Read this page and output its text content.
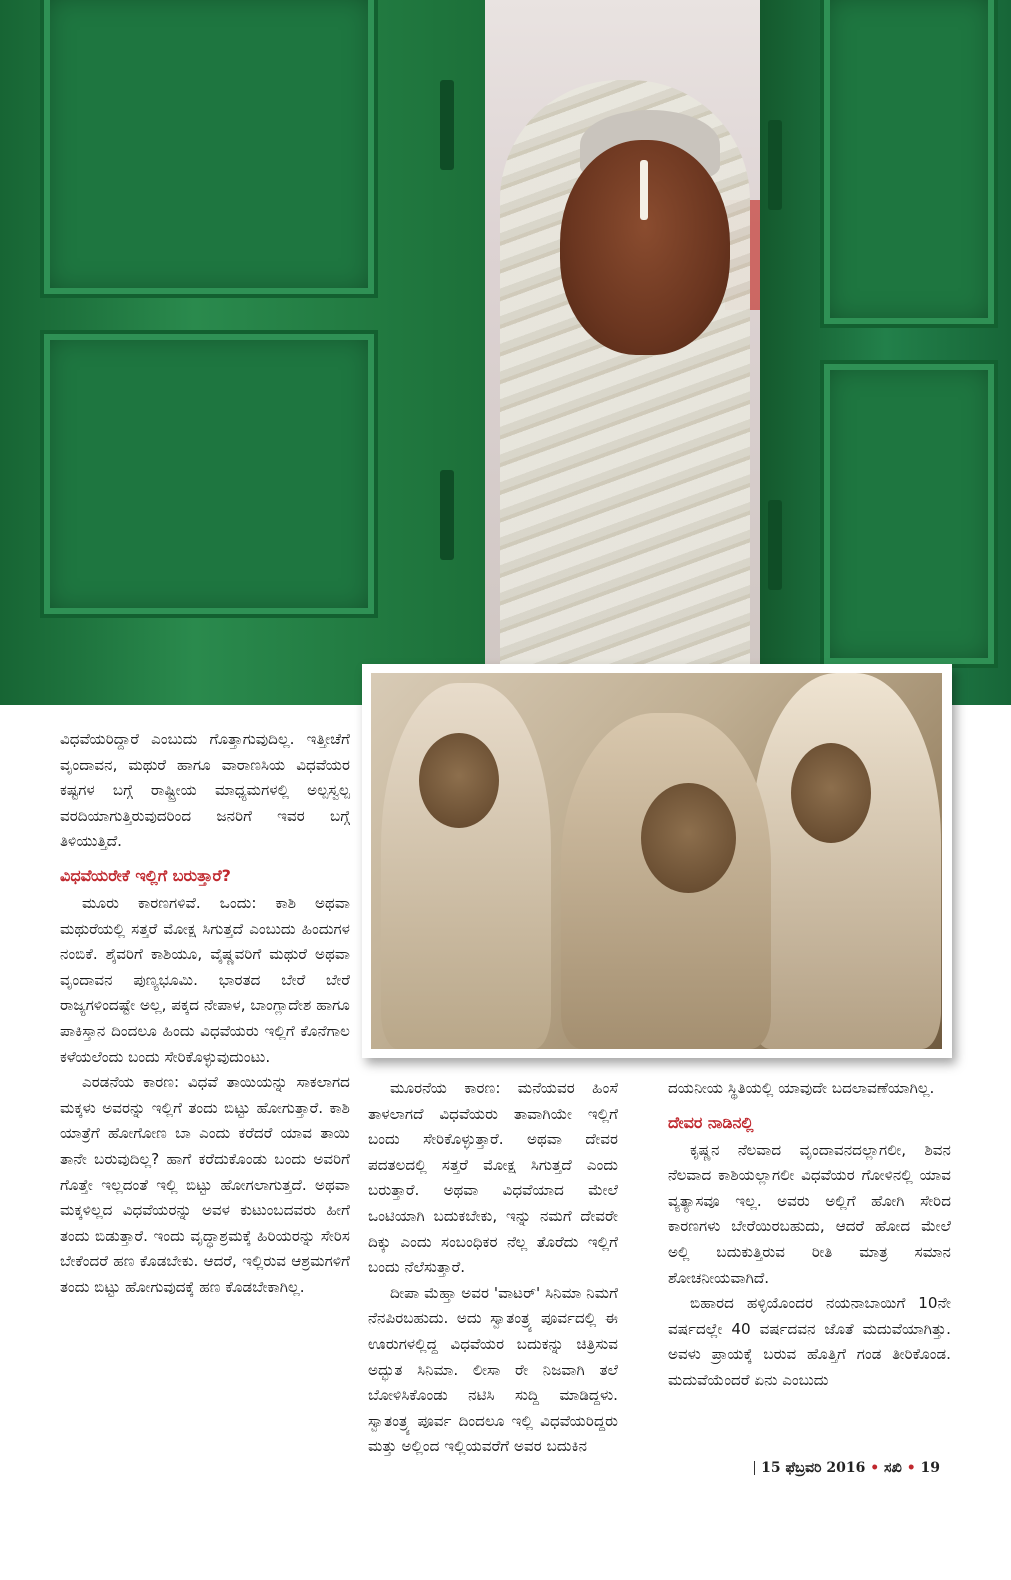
ವಿಧವೆಯರಿದ್ದಾರೆ ಎಂಬುದು ಗೊತ್ತಾಗುವುದಿಲ್ಲ. ಇತ್ತೀಚೆಗೆ ವೃಂದಾವನ, ಮಥುರೆ ಹಾಗೂ ವಾರಾಣಸಿಯ ವಿಧವೆಯರ ಕಷ್ಟಗಳ ಬಗ್ಗೆ ರಾಷ್ಟ್ರೀಯ ಮಾಧ್ಯಮಗಳಲ್ಲಿ ಅಲ್ಪಸ್ವಲ್ಪ ವರದಿಯಾಗುತ್ತಿರುವುದರಿಂದ ಜನರಿಗೆ ಇವರ ಬಗ್ಗೆ ತಿಳಿಯುತ್ತಿದೆ.

ವಿಧವೆಯರೇಕೆ ಇಲ್ಲಿಗೆ ಬರುತ್ತಾರೆ?

ಮೂರು ಕಾರಣಗಳಿವೆ. ಒಂದು: ಕಾಶಿ ಅಥವಾ ಮಥುರೆಯಲ್ಲಿ ಸತ್ತರೆ ಮೋಕ್ಷ ಸಿಗುತ್ತದೆ ಎಂಬುದು ಹಿಂದುಗಳ ನಂಬಿಕೆ. ಶೈವರಿಗೆ ಕಾಶಿಯೂ, ವೈಷ್ಣವರಿಗೆ ಮಥುರೆ ಅಥವಾ ವೃಂದಾವನ ಪುಣ್ಯಭೂಮಿ. ಭಾರತದ ಬೇರೆ ಬೇರೆ ರಾಜ್ಯಗಳಿಂದಷ್ಟೇ ಅಲ್ಲ, ಪಕ್ಕದ ನೇಪಾಳ, ಬಾಂಗ್ಲಾದೇಶ ಹಾಗೂ ಪಾಕಿಸ್ತಾನ ದಿಂದಲೂ ಹಿಂದು ವಿಧವೆಯರು ಇಲ್ಲಿಗೆ ಕೊನೆಗಾಲ ಕಳೆಯಲೆಂದು ಬಂದು ಸೇರಿಕೊಳ್ಳುವುದುಂಟು.

ಎರಡನೆಯ ಕಾರಣ: ವಿಧವೆ ತಾಯಿಯನ್ನು ಸಾಕಲಾಗದ ಮಕ್ಕಳು ಅವರನ್ನು ಇಲ್ಲಿಗೆ ತಂದು ಬಿಟ್ಟು ಹೋಗುತ್ತಾರೆ. ಕಾಶಿ ಯಾತ್ರೆಗೆ ಹೋಗೋಣ ಬಾ ಎಂದು ಕರೆದರೆ ಯಾವ ತಾಯಿ ತಾನೇ ಬರುವುದಿಲ್ಲ? ಹಾಗೆ ಕರೆದುಕೊಂಡು ಬಂದು ಅವರಿಗೆ ಗೊತ್ತೇ ಇಲ್ಲದಂತೆ ಇಲ್ಲಿ ಬಿಟ್ಟು ಹೋಗಲಾಗುತ್ತದೆ. ಅಥವಾ ಮಕ್ಕಳಿಲ್ಲದ ವಿಧವೆಯರನ್ನು ಅವಳ ಕುಟುಂಬದವರು ಹೀಗೆ ತಂದು ಬಿಡುತ್ತಾರೆ. ಇಂದು ವೃದ್ಧಾಶ್ರಮಕ್ಕೆ ಹಿರಿಯರನ್ನು ಸೇರಿಸ ಬೇಕೆಂದರೆ ಹಣ ಕೊಡಬೇಕು. ಆದರೆ, ಇಲ್ಲಿರುವ ಆಶ್ರಮಗಳಿಗೆ ತಂದು ಬಿಟ್ಟು ಹೋಗುವುದಕ್ಕೆ ಹಣ ಕೊಡಬೇಕಾಗಿಲ್ಲ.

ಮೂರನೆಯ ಕಾರಣ: ಮನೆಯವರ ಹಿಂಸೆ ತಾಳಲಾಗದೆ ವಿಧವೆಯರು ತಾವಾಗಿಯೇ ಇಲ್ಲಿಗೆ ಬಂದು ಸೇರಿಕೊಳ್ಳುತ್ತಾರೆ. ಅಥವಾ ದೇವರ ಪದತಲದಲ್ಲಿ ಸತ್ತರೆ ಮೋಕ್ಷ ಸಿಗುತ್ತದೆ ಎಂದು ಬರುತ್ತಾರೆ. ಅಥವಾ ವಿಧವೆಯಾದ ಮೇಲೆ ಒಂಟಿಯಾಗಿ ಬದುಕಬೇಕು, ಇನ್ನು ನಮಗೆ ದೇವರೇ ದಿಕ್ಕು ಎಂದು ಸಂಬಂಧಿಕರ ನೆಲ್ಲ ತೊರೆದು ಇಲ್ಲಿಗೆ ಬಂದು ನೆಲೆಸುತ್ತಾರೆ.

ದೀಪಾ ಮೆಹ್ತಾ ಅವರ 'ವಾಟರ್' ಸಿನಿಮಾ ನಿಮಗೆ ನೆನಪಿರಬಹುದು. ಅದು ಸ್ವಾತಂತ್ರ್ಯ ಪೂರ್ವದಲ್ಲಿ ಈ ಊರುಗಳಲ್ಲಿದ್ದ ವಿಧವೆಯರ ಬದುಕನ್ನು ಚಿತ್ರಿಸುವ ಅದ್ಭುತ ಸಿನಿಮಾ. ಲೀಸಾ ರೇ ನಿಜವಾಗಿ ತಲೆ ಬೋಳಿಸಿಕೊಂಡು ನಟಿಸಿ ಸುದ್ದಿ ಮಾಡಿದ್ದಳು. ಸ್ವಾತಂತ್ರ್ಯ ಪೂರ್ವ ದಿಂದಲೂ ಇಲ್ಲಿ ವಿಧವೆಯರಿದ್ದರು ಮತ್ತು ಅಲ್ಲಿಂದ ಇಲ್ಲಿಯವರೆಗೆ ಅವರ ಬದುಕಿನ

ದಯನೀಯ ಸ್ಥಿತಿಯಲ್ಲಿ ಯಾವುದೇ ಬದಲಾವಣೆಯಾಗಿಲ್ಲ.

ದೇವರ ನಾಡಿನಲ್ಲಿ

ಕೃಷ್ಣನ ನೆಲವಾದ ವೃಂದಾವನದಲ್ಲಾಗಲೀ, ಶಿವನ ನೆಲವಾದ ಕಾಶಿಯಲ್ಲಾಗಲೀ ವಿಧವೆಯರ ಗೋಳಿನಲ್ಲಿ ಯಾವ ವ್ಯತ್ಯಾಸವೂ ಇಲ್ಲ. ಅವರು ಅಲ್ಲಿಗೆ ಹೋಗಿ ಸೇರಿದ ಕಾರಣಗಳು ಬೇರೆಯಿರಬಹುದು, ಆದರೆ ಹೋದ ಮೇಲೆ ಅಲ್ಲಿ ಬದುಕುತ್ತಿರುವ ರೀತಿ ಮಾತ್ರ ಸಮಾನ ಶೋಚನೀಯವಾಗಿದೆ.

ಬಿಹಾರದ ಹಳ್ಳಿಯೊಂದರ ನಯನಾಬಾಯಿಗೆ 10ನೇ ವರ್ಷದಲ್ಲೇ 40 ವರ್ಷದವನ ಜೊತೆ ಮದುವೆಯಾಗಿತ್ತು. ಅವಳು ಪ್ರಾಯಕ್ಕೆ ಬರುವ ಹೊತ್ತಿಗೆ ಗಂಡ ತೀರಿಕೊಂಡ. ಮದುವೆಯೆಂದರೆ ಏನು ಎಂಬುದು

15 ಫೆಬ್ರವರಿ 2016 • ಸಖಿ • 19
